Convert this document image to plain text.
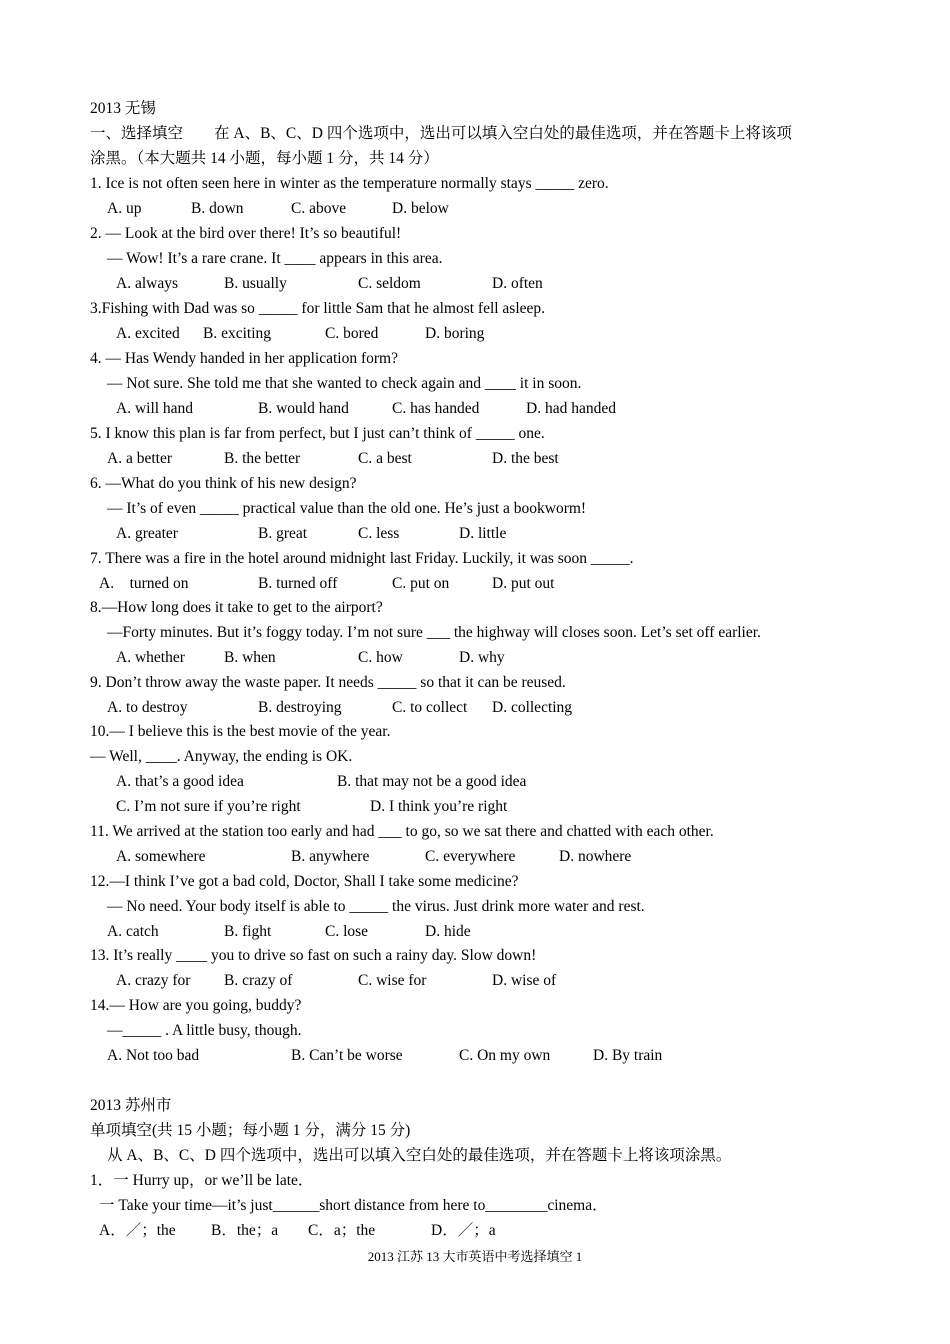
2013 无锡
一、选择填空        在 A、B、C、D 四个选项中，选出可以填入空白处的最佳选项，并在答题卡上将该项
涂黑。（本大题共 14 小题，每小题 1 分，共 14 分）
1. Ice is not often seen here in winter as the temperature normally stays _____ zero.
A. up	B. down	C. above	D. below
2. — Look at the bird over there! It’s so beautiful!
— Wow! It’s a rare crane. It ____ appears in this area.
A. always	B. usually	C. seldom	D. often
3.Fishing with Dad was so _____ for little Sam that he almost fell asleep.
A. excited B. exciting	C. bored	D. boring
4. — Has Wendy handed in her application form?
— Not sure. She told me that she wanted to check again and ____ it in soon.
A. will hand	B. would hand	C. has handed	D. had handed
5. I know this plan is far from perfect, but I just can’t think of _____ one.
A. a better	B. the better	C. a best	D. the best
6. —What do you think of his new design?
— It’s of even _____ practical value than the old one. He’s just a bookworm!
A. greater	B. great	C. less	D. little
7. There was a fire in the hotel around midnight last Friday. Luckily, it was soon _____.
A.    turned on	B. turned off	C. put on	D. put out
8.—How long does it take to get to the airport?
—Forty minutes. But it’s foggy today. I’m not sure ___ the highway will closes soon. Let’s set off earlier.
A. whether	B. when	C. how	D. why
9. Don’t throw away the waste paper. It needs _____ so that it can be reused.
A. to destroy	B. destroying	C. to collect D. collecting
10.— I believe this is the best movie of the year.
— Well, ____. Anyway, the ending is OK.
A. that’s a good idea	B. that may not be a good idea
C. I’m not sure if you’re right	D. I think you’re right
11. We arrived at the station too early and had ___ to go, so we sat there and chatted with each other.
A. somewhere	B. anywhere	C. everywhere	D. nowhere
12.—I think I’ve got a bad cold, Doctor, Shall I take some medicine?
— No need. Your body itself is able to _____ the virus. Just drink more water and rest.
A. catch	B. fight	C. lose	D. hide
13. It’s really ____ you to drive so fast on such a rainy day. Slow down!
A. crazy for B. crazy of	C. wise for	D. wise of
14.— How are you going, buddy?
—_____ . A little busy, though.
A. Not too bad	B. Can’t be worse	C. On my own	D. By train
2013 苏州市
单项填空(共 15 小题；每小题 1 分，满分 15 分)
从 A、B、C、D 四个选项中，选出可以填入空白处的最佳选项，并在答题卡上将该项涂黑。
1．一 Hurry up，or we’ll be late．
一 Take your time—it’s just______short distance from here to________cinema．
A．／；the B．the；a C．a；the	D．／；a
2013 江苏 13 大市英语中考选择填空 1
